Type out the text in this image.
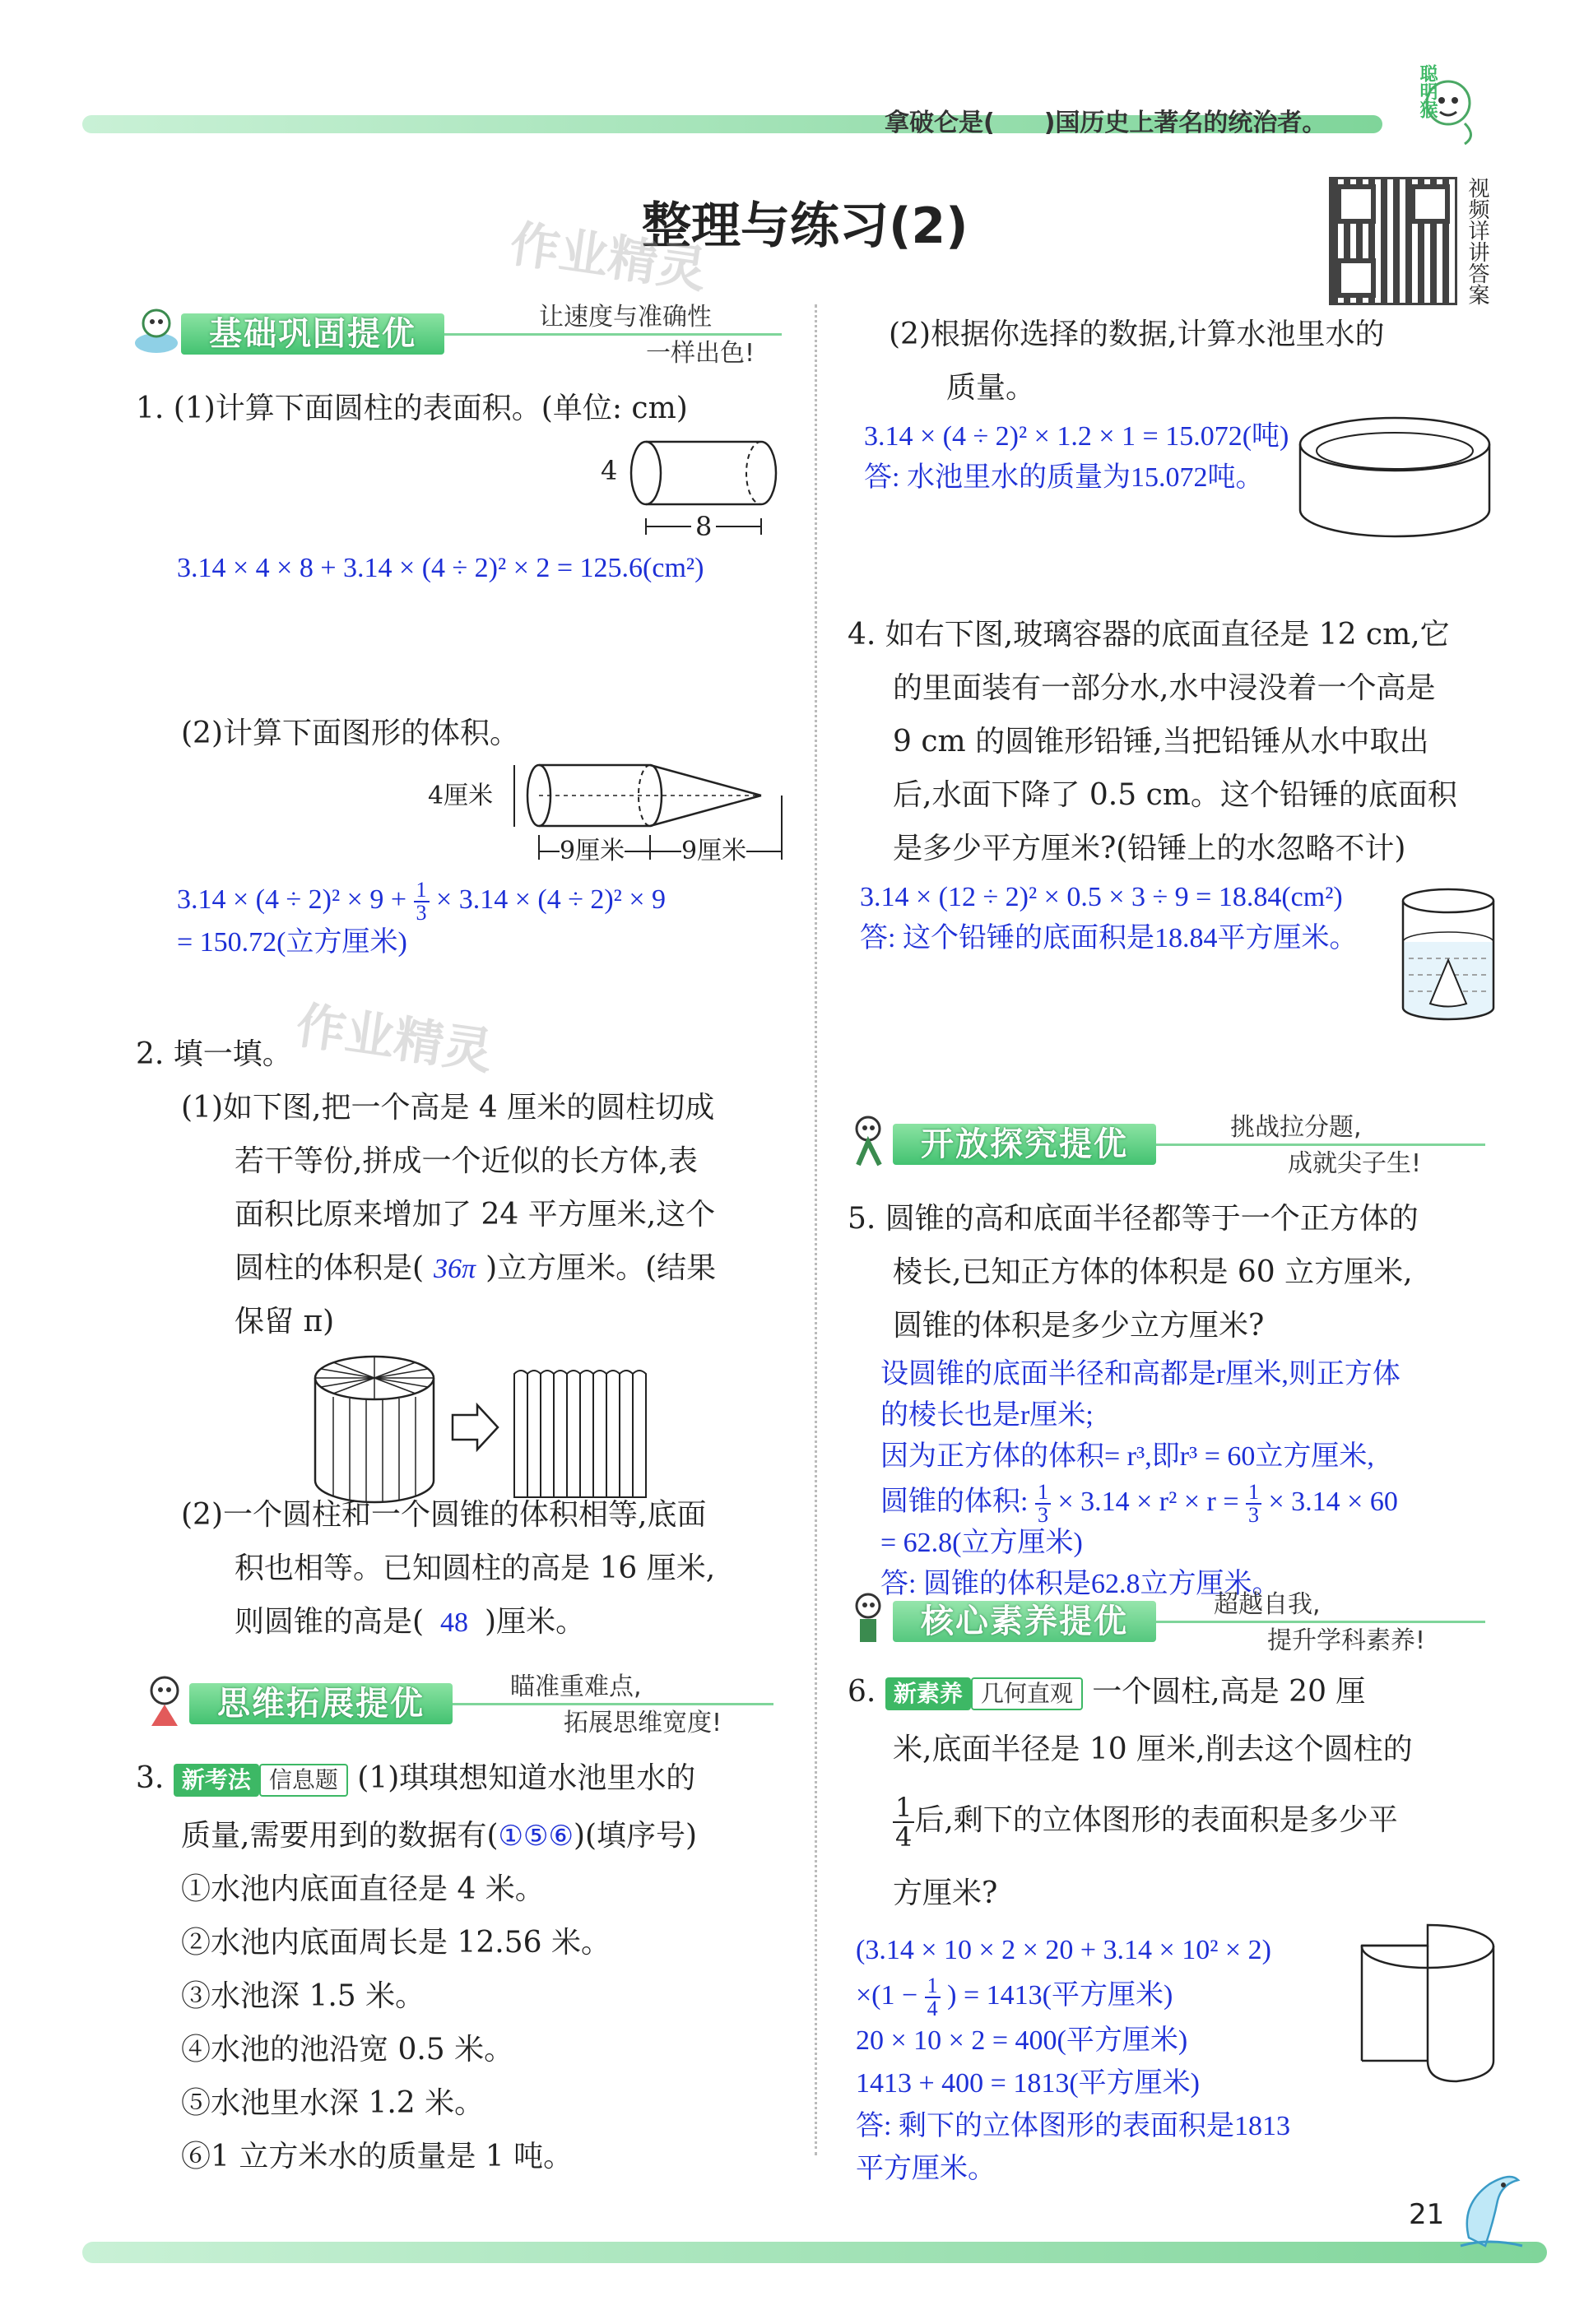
拿破仑是(　　)国历史上著名的统治者。
聪明猴
整理与练习(2)
作业精灵	视频详讲答案
基础巩固提优	让速度与准确性
一样出色!
1. (1)计算下面圆柱的表面积。(单位: cm)
4
8
3.14 × 4 × 8 + 3.14 × (4 ÷ 2)² × 2 = 125.6(cm²)
(2)计算下面图形的体积。
4厘米
9厘米 9厘米
$3.14 \times (4 \div 2)^2 \times 9 + \frac{1}{3} \times 3.14 \times (4 \div 2)^2 \times 9$
= 150.72(立方厘米)
作业精灵
2. 填一填。
(1)如下图,把一个高是 4 厘米的圆柱切成
若干等份,拼成一个近似的长方体,表
面积比原来增加了 24 平方厘米,这个
圆柱的体积是( 36π )立方厘米。(结果
保留 π)
(2)一个圆柱和一个圆锥的体积相等,底面
积也相等。已知圆柱的高是 16 厘米,
则圆锥的高是( 48 )厘米。
思维拓展提优	瞄准重难点,
拓展思维宽度!
3. 新考法 信息题 (1)琪琪想知道水池里水的
质量,需要用到的数据有(①⑤⑥)(填序号)
①水池内底面直径是 4 米。
②水池内底面周长是 12.56 米。
③水池深 1.5 米。
④水池的池沿宽 0.5 米。
⑤水池里水深 1.2 米。
⑥1 立方米水的质量是 1 吨。
(2)根据你选择的数据,计算水池里水的
质量。
3.14 × (4 ÷ 2)² × 1.2 × 1 = 15.072(吨)
答: 水池里水的质量为15.072吨。
4. 如右下图,玻璃容器的底面直径是 12 cm,它
的里面装有一部分水,水中浸没着一个高是
9 cm 的圆锥形铅锤,当把铅锤从水中取出
后,水面下降了 0.5 cm。这个铅锤的底面积
是多少平方厘米?(铅锤上的水忽略不计)
3.14 × (12 ÷ 2)² × 0.5 × 3 ÷ 9 = 18.84(cm²)
答: 这个铅锤的底面积是18.84平方厘米。
开放探究提优	挑战拉分题,
成就尖子生!
5. 圆锥的高和底面半径都等于一个正方体的
棱长,已知正方体的体积是 60 立方厘米,
圆锥的体积是多少立方厘米?
设圆锥的底面半径和高都是r厘米,则正方体
的棱长也是r厘米;
因为正方体的体积= r³,即r³ = 60立方厘米,
圆锥的体积: $\frac{1}{3} \times 3.14 \times r^2 \times r = \frac{1}{3} \times 3.14 \times 60$
= 62.8(立方厘米)
答: 圆锥的体积是62.8立方厘米。
核心素养提优	超越自我,
提升学科素养!
6. 新素养 几何直观 一个圆柱,高是 20 厘
米,底面半径是 10 厘米,削去这个圆柱的
$\frac{1}{4}$ 后,剩下的立体图形的表面积是多少平
方厘米?
(3.14 × 10 × 2 × 20 + 3.14 × 10² × 2)
$\times(1 - \frac{1}{4}$ ) = 1413(平方厘米)
20 × 10 × 2 = 400(平方厘米)
1413 + 400 = 1813(平方厘米)
答: 剩下的立体图形的表面积是1813
平方厘米。
21
